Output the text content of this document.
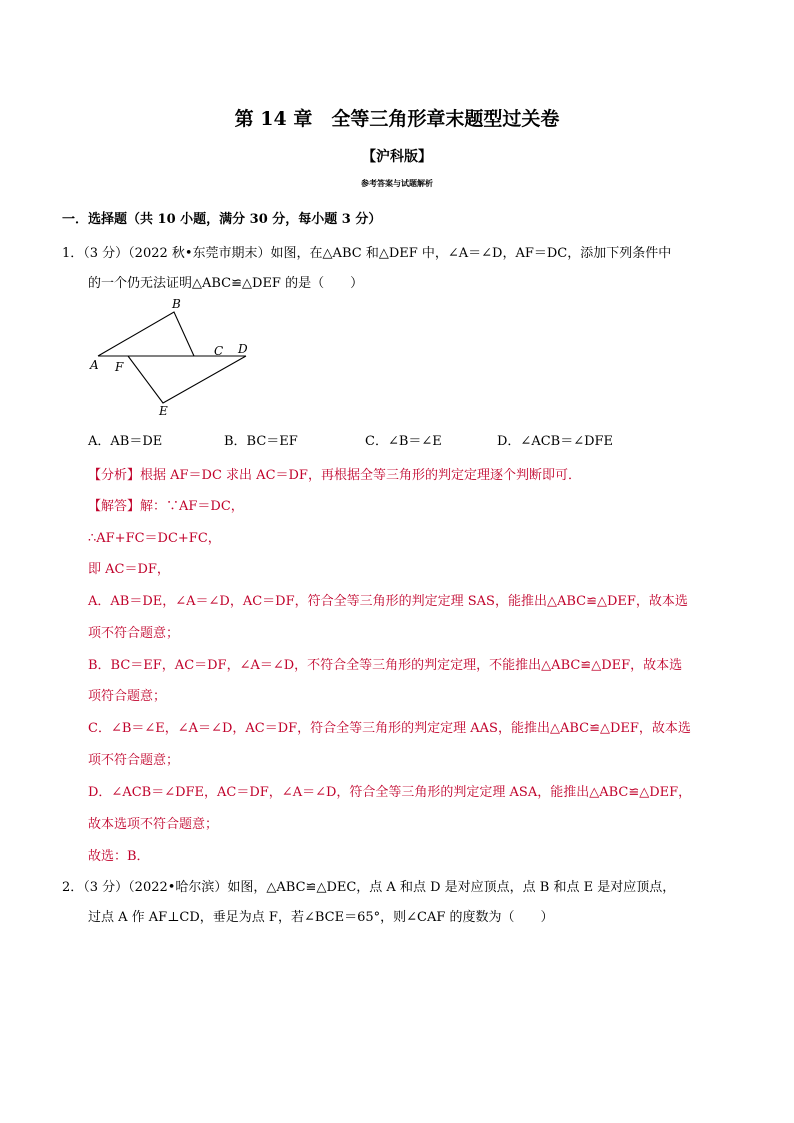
第 14 章　全等三角形章末题型过关卷
【沪科版】
参考答案与试题解析
一．选择题（共 10 小题，满分 30 分，每小题 3 分）
1．（3 分）（2022 秋•东莞市期末）如图，在△ABC 和△DEF 中，∠A＝∠D，AF＝DC，添加下列条件中
的一个仍无法证明△ABC≌△DEF 的是（　　）
B
A F
C D
E
A．AB＝DE	B．BC＝EF	C．∠B＝∠E	D．∠ACB＝∠DFE
【分析】根据 AF＝DC 求出 AC＝DF，再根据全等三角形的判定定理逐个判断即可．
【解答】解：∵AF＝DC，
∴AF+FC＝DC+FC，
即 AC＝DF，
A．AB＝DE，∠A＝∠D，AC＝DF，符合全等三角形的判定定理 SAS，能推出△ABC≌△DEF，故本选
项不符合题意；
B．BC＝EF，AC＝DF，∠A＝∠D，不符合全等三角形的判定定理，不能推出△ABC≌△DEF，故本选
项符合题意；
C．∠B＝∠E，∠A＝∠D，AC＝DF，符合全等三角形的判定定理 AAS，能推出△ABC≌△DEF，故本选
项不符合题意；
D．∠ACB＝∠DFE，AC＝DF，∠A＝∠D，符合全等三角形的判定定理 ASA，能推出△ABC≌△DEF，
故本选项不符合题意；
故选：B．
2．（3 分）（2022•哈尔滨）如图，△ABC≌△DEC，点 A 和点 D 是对应顶点，点 B 和点 E 是对应顶点，
过点 A 作 AF⊥CD，垂足为点 F，若∠BCE＝65°，则∠CAF 的度数为（　　）
